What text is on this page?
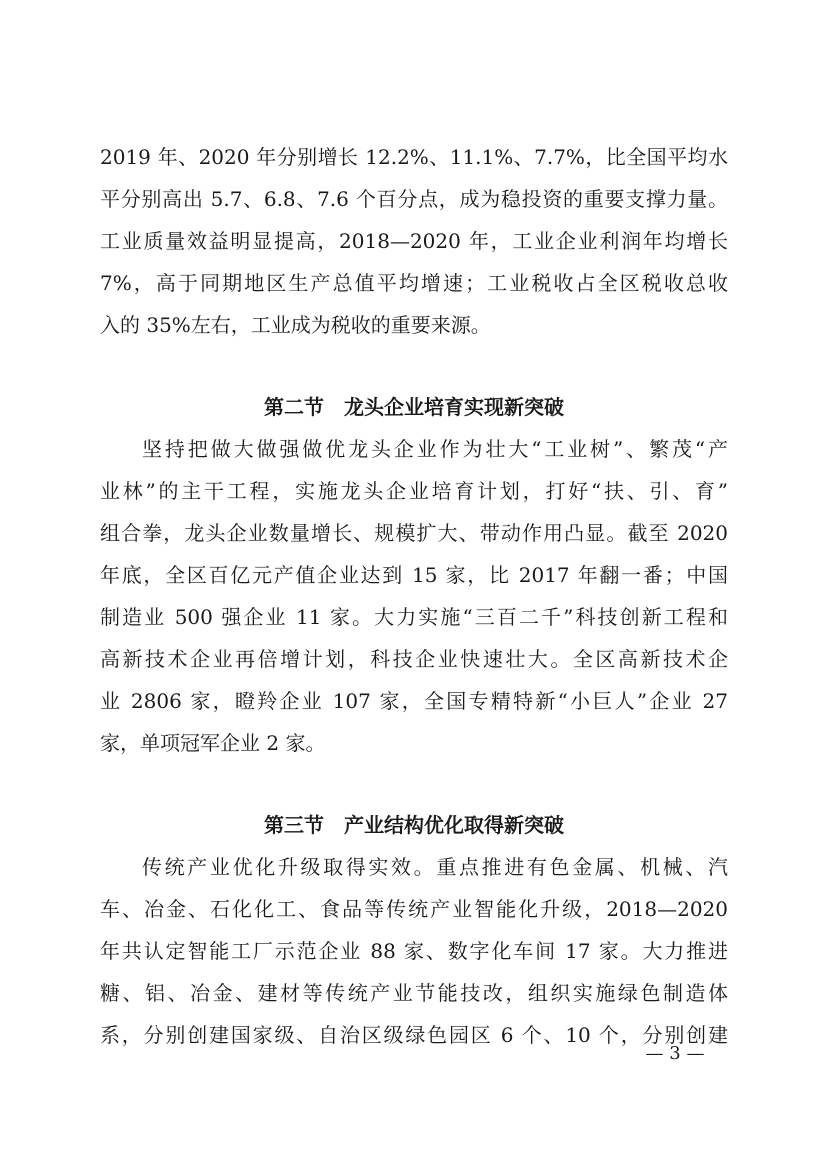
2019 年、2020 年分别增长 12.2%、11.1%、7.7%，比全国平均水
平分别高出 5.7、6.8、7.6 个百分点，成为稳投资的重要支撑力量。
工业质量效益明显提高，2018—2020 年，工业企业利润年均增长
7%，高于同期地区生产总值平均增速；工业税收占全区税收总收
入的 35%左右，工业成为税收的重要来源。
第二节　龙头企业培育实现新突破
坚持把做大做强做优龙头企业作为壮大“工业树”、繁茂“产
业林”的主干工程，实施龙头企业培育计划，打好“扶、引、育”
组合拳，龙头企业数量增长、规模扩大、带动作用凸显。截至 2020
年底，全区百亿元产值企业达到 15 家，比 2017 年翻一番；中国
制造业 500 强企业 11 家。大力实施“三百二千”科技创新工程和
高新技术企业再倍增计划，科技企业快速壮大。全区高新技术企
业 2806 家，瞪羚企业 107 家，全国专精特新“小巨人”企业 27
家，单项冠军企业 2 家。
第三节　产业结构优化取得新突破
传统产业优化升级取得实效。重点推进有色金属、机械、汽
车、冶金、石化化工、食品等传统产业智能化升级，2018—2020
年共认定智能工厂示范企业 88 家、数字化车间 17 家。大力推进
糖、铝、冶金、建材等传统产业节能技改，组织实施绿色制造体
系，分别创建国家级、自治区级绿色园区 6 个、10 个，分别创建
— 3 —
